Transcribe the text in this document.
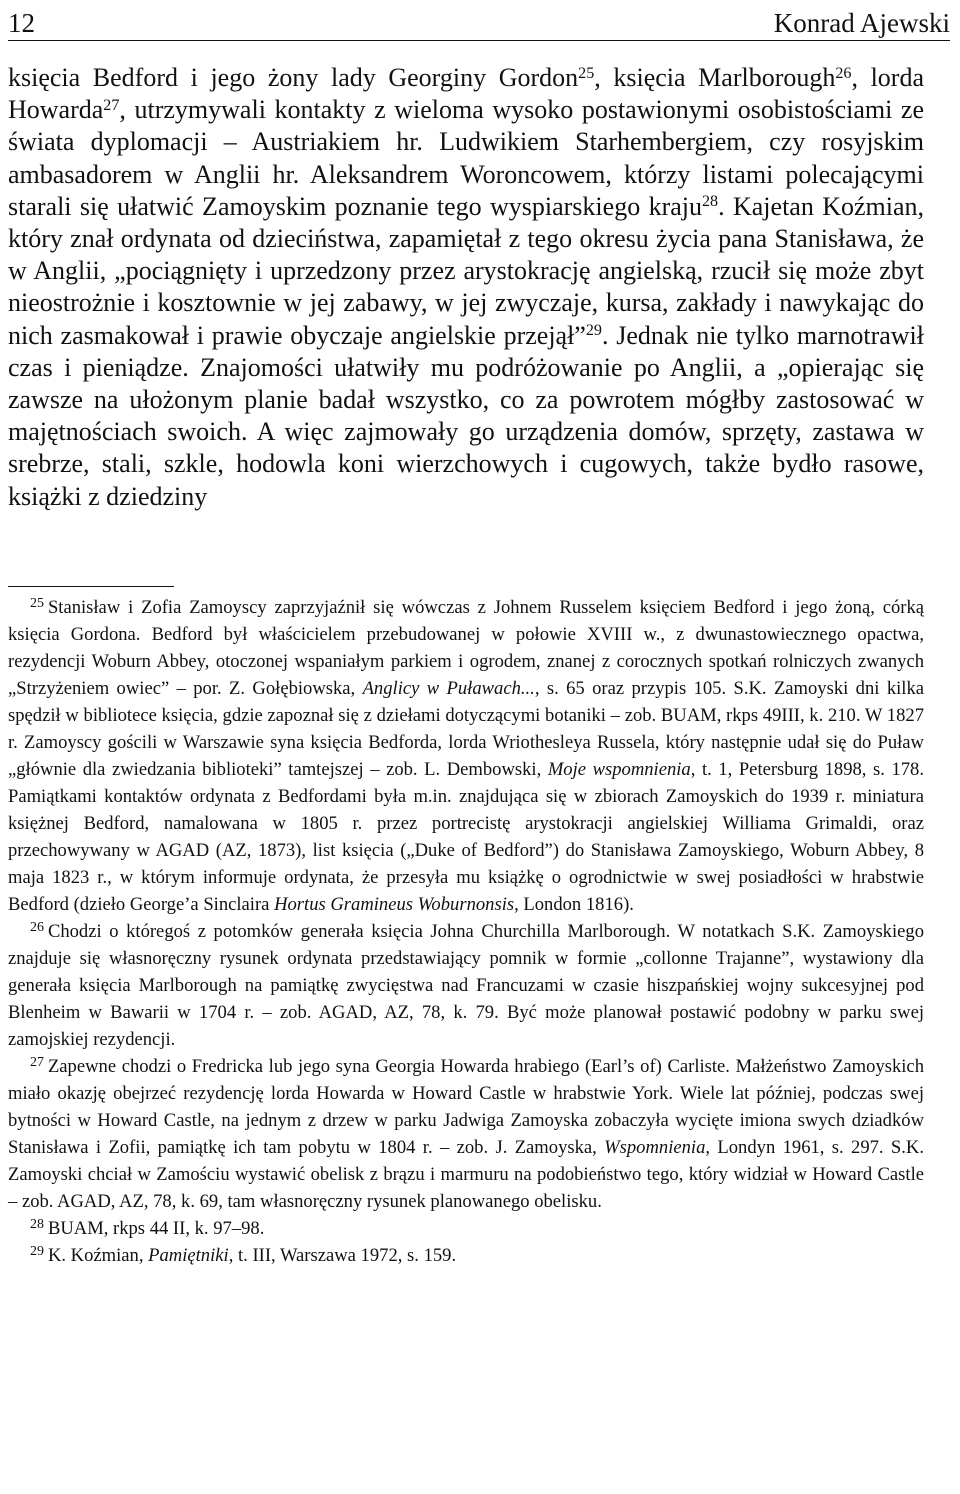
12	Konrad Ajewski

księcia Bedford i jego żony lady Georginy Gordon$^{25}$, księcia Marlborough$^{26}$, lorda Howarda$^{27}$, utrzymywali kontakty z wieloma wysoko postawionymi osobistościami ze świata dyplomacji – Austriakiem hr. Ludwikiem Starhembergiem, czy rosyjskim ambasadorem w Anglii hr. Aleksandrem Woroncowem, którzy listami polecającymi starali się ułatwić Zamoyskim poznanie tego wyspiarskiego kraju$^{28}$. Kajetan Koźmian, który znał ordynata od dzieciństwa, zapamiętał z tego okresu życia pana Stanisława, że w Anglii, „pociągnięty i uprzedzony przez arystokrację angielską, rzucił się może zbyt nieostrożnie i kosztownie w jej zabawy, w jej zwyczaje, kursa, zakłady i nawykając do nich zasmakował i prawie obyczaje angielskie przejął”$^{29}$. Jednak nie tylko marnotrawił czas i pieniądze. Znajomości ułatwiły mu podróżowanie po Anglii, a „opierając się zawsze na ułożonym planie badał wszystko, co za powrotem mógłby zastosować w majętnościach swoich. A więc zajmowały go urządzenia domów, sprzęty, zastawa w srebrze, stali, szkle, hodowla koni wierzchowych i cugowych, także bydło rasowe, książki z dziedziny

$^{25}$ Stanisław i Zofia Zamoyscy zaprzyjaźnił się wówczas z Johnem Russelem księciem Bedford i jego żoną, córką księcia Gordona. Bedford był właścicielem przebudowanej w połowie XVIII w., z dwunastowiecznego opactwa, rezydencji Woburn Abbey, otoczonej wspaniałym parkiem i ogrodem, znanej z corocznych spotkań rolniczych zwanych „Strzyżeniem owiec” – por. Z. Gołębiowska, Anglicy w Puławach..., s. 65 oraz przypis 105. S.K. Zamoyski dni kilka spędził w bibliotece księcia, gdzie zapoznał się z dziełami dotyczącymi botaniki – zob. BUAM, rkps 49III, k. 210. W 1827 r. Zamoyscy gościli w Warszawie syna księcia Bedforda, lorda Wriothesleya Russela, który następnie udał się do Puław „głównie dla zwiedzania biblioteki” tamtejszej – zob. L. Dembowski, Moje wspomnienia, t. 1, Petersburg 1898, s. 178. Pamiątkami kontaktów ordynata z Bedfordami była m.in. znajdująca się w zbiorach Zamoyskich do 1939 r. miniatura księżnej Bedford, namalowana w 1805 r. przez portrecistę arystokracji angielskiej Williama Grimaldi, oraz przechowywany w AGAD (AZ, 1873), list księcia („Duke of Bedford”) do Stanisława Zamoyskiego, Woburn Abbey, 8 maja 1823 r., w którym informuje ordynata, że przesyła mu książkę o ogrodnictwie w swej posiadłości w hrabstwie Bedford (dzieło George’a Sinclaira Hortus Gramineus Woburnonsis, London 1816).

$^{26}$ Chodzi o któregoś z potomków generała księcia Johna Churchilla Marlborough. W notatkach S.K. Zamoyskiego znajduje się własnoręczny rysunek ordynata przedstawiający pomnik w formie „collonne Trajanne”, wystawiony dla generała księcia Marlborough na pamiątkę zwycięstwa nad Francuzami w czasie hiszpańskiej wojny sukcesyjnej pod Blenheim w Bawarii w 1704 r. – zob. AGAD, AZ, 78, k. 79. Być może planował postawić podobny w parku swej zamojskiej rezydencji.

$^{27}$ Zapewne chodzi o Fredricka lub jego syna Georgia Howarda hrabiego (Earl’s of) Carliste. Małżeństwo Zamoyskich miało okazję obejrzeć rezydencję lorda Howarda w Howard Castle w hrabstwie York. Wiele lat później, podczas swej bytności w Howard Castle, na jednym z drzew w parku Jadwiga Zamoyska zobaczyła wycięte imiona swych dziadków Stanisława i Zofii, pamiątkę ich tam pobytu w 1804 r. – zob. J. Zamoyska, Wspomnienia, Londyn 1961, s. 297. S.K. Zamoyski chciał w Zamościu wystawić obelisk z brązu i marmuru na podobieństwo tego, który widział w Howard Castle – zob. AGAD, AZ, 78, k. 69, tam własnoręczny rysunek planowanego obelisku.

$^{28}$ BUAM, rkps 44 II, k. 97–98.

$^{29}$ K. Koźmian, Pamiętniki, t. III, Warszawa 1972, s. 159.
